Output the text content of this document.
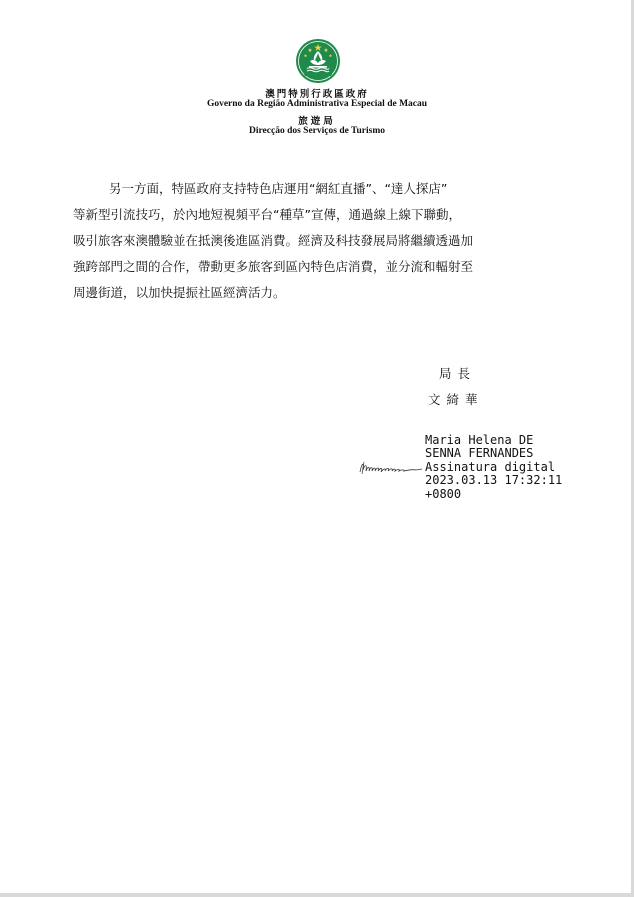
澳門特別行政區政府
Governo da Região Administrativa Especial de Macau
旅遊局
Direcção dos Serviços de Turismo

另一方面，特區政府支持特色店運用“網紅直播”、“達人探店”

等新型引流技巧，於內地短視頻平台“種草”宣傳，通過線上線下聯動，

吸引旅客來澳體驗並在抵澳後進區消費。經濟及科技發展局將繼續透過加

強跨部門之間的合作，帶動更多旅客到區內特色店消費，並分流和輻射至

周邊街道，以加快提振社區經濟活力。

局長
文綺華
Maria Helena DE
SENNA FERNANDES
Assinatura digital
2023.03.13 17:32:11
+0800
